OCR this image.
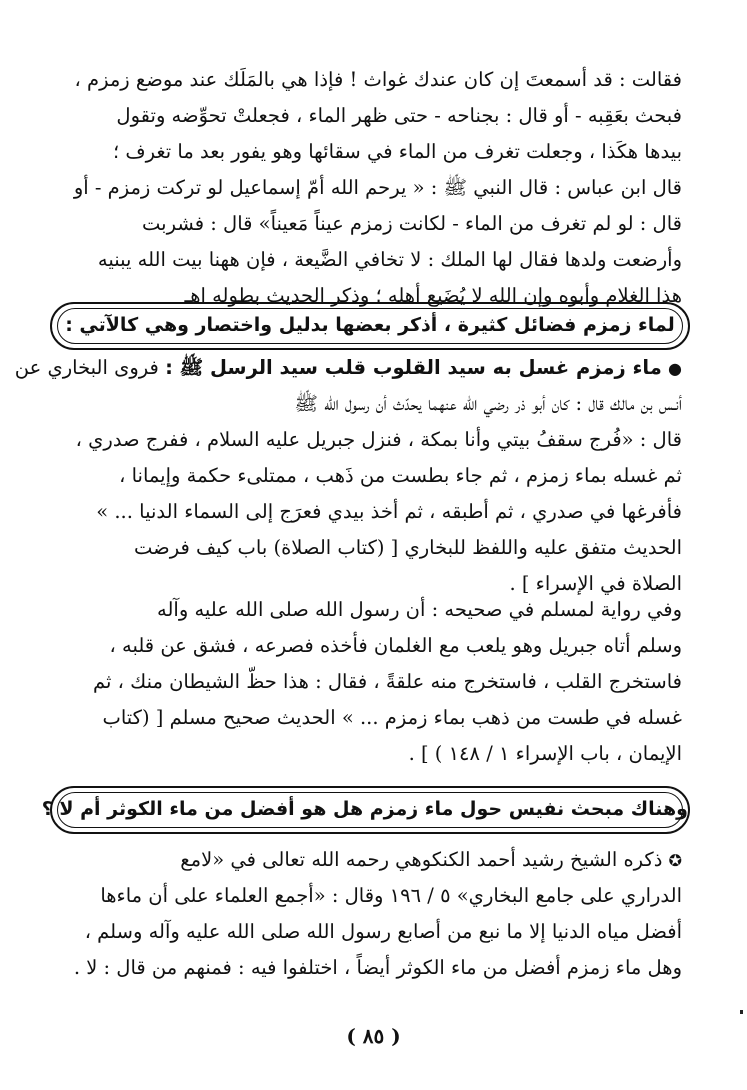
فقالت : قد أسمعتَ إن كان عندك غواث ! فإذا هي بالمَلَك عند موضع زمزم ،
فبحث بعَقِبه - أو قال : بجناحه - حتى ظهر الماء ، فجعلتْ تحوِّضه وتقول
بيدها هكَذا ، وجعلت تغرف من الماء في سقائها وهو يفور بعد ما تغرف ؛
قال ابن عباس : قال النبي ﷺ : « يرحم الله أمّ إسماعيل لو تركت زمزم - أو
قال : لو لم تغرف من الماء - لكانت زمزم عيناً مَعيناً» قال : فشربت
وأرضعت ولدها فقال لها الملك : لا تخافي الضَّيعة ، فإن ههنا بيت الله يبنيه
هذا الغلام وأبوه وإن الله لا يُضَيع أهله ؛ وذكر الحديث بطوله اهـ
لماء زمزم فضائل كثيرة ، أذكر بعضها بدليل واختصار وهي كالآتي :
● ماء زمزم غسل به سيد القلوب قلب سيد الرسل ﷺ : فروى البخاري عن
أنـس بن مالك قال : كان أبو ذر رضي الله عنهما يحدّث أن رسول الله ﷺ
قال : «فُرج سقفُ بيتي وأنا بمكة ، فنزل جبريل عليه السلام ، ففرج صدري ،
ثم غسله بماء زمزم ، ثم جاء بطست من ذَهب ، ممتلىء حكمة وإيمانا ،
فأفرغها في صدري ، ثم أطبقه ، ثم أخذ بيدي فعرَج إلى السماء الدنيا ... »
الحديث متفق عليه واللفظ للبخاري [ (كتاب الصلاة) باب كيف فرضت
الصلاة في الإسراء ] .
وفي رواية لمسلم في صحيحه : أن رسول الله صلى الله عليه وآله
وسلم أتاه جبريل وهو يلعب مع الغلمان فأخذه فصرعه ، فشق عن قلبه ،
فاستخرج القلب ، فاستخرج منه علقةً ، فقال : هذا حظّ الشيطان منك ، ثم
غسله في طست من ذهب بماء زمزم ... » الحديث صحيح مسلم [ (كتاب
الإيمان ، باب الإسراء ١ / ١٤٨ ) ] .
وهناك مبحث نفيس حول ماء زمزم هل هو أفضل من ماء الكوثر أم لا ؟
✪ ذكره الشيخ رشيد أحمد الكنكوهي رحمه الله تعالى في «لامع
الدراري على جامع البخاري» ٥ / ١٩٦ وقال : «أجمع العلماء على أن ماءها
أفضل مياه الدنيا إلا ما نبع من أصابع رسول الله صلى الله عليه وآله وسلم ،
وهل ماء زمزم أفضل من ماء الكوثر أيضاً ، اختلفوا فيه : فمنهم من قال : لا .
( ٨٥ )
